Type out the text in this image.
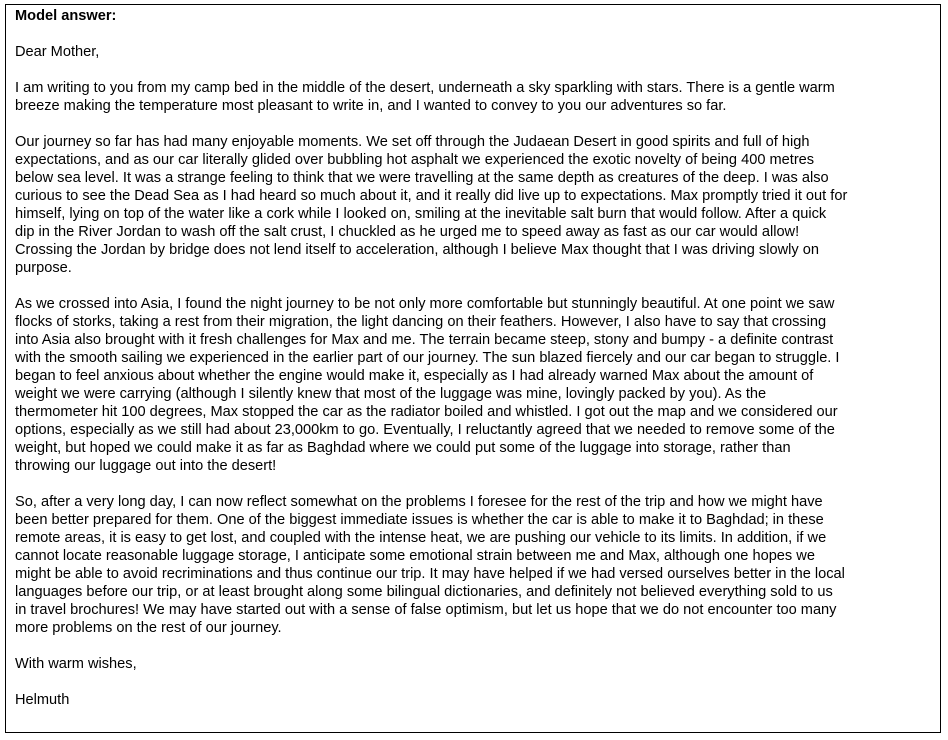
Model answer:

Dear Mother,

I am writing to you from my camp bed in the middle of the desert, underneath a sky sparkling with stars. There is a gentle warm
breeze making the temperature most pleasant to write in, and I wanted to convey to you our adventures so far.

Our journey so far has had many enjoyable moments. We set off through the Judaean Desert in good spirits and full of high
expectations, and as our car literally glided over bubbling hot asphalt we experienced the exotic novelty of being 400 metres
below sea level. It was a strange feeling to think that we were travelling at the same depth as creatures of the deep. I was also
curious to see the Dead Sea as I had heard so much about it, and it really did live up to expectations. Max promptly tried it out for
himself, lying on top of the water like a cork while I looked on, smiling at the inevitable salt burn that would follow. After a quick
dip in the River Jordan to wash off the salt crust, I chuckled as he urged me to speed away as fast as our car would allow!
Crossing the Jordan by bridge does not lend itself to acceleration, although I believe Max thought that I was driving slowly on
purpose.

As we crossed into Asia, I found the night journey to be not only more comfortable but stunningly beautiful. At one point we saw
flocks of storks, taking a rest from their migration, the light dancing on their feathers. However, I also have to say that crossing
into Asia also brought with it fresh challenges for Max and me. The terrain became steep, stony and bumpy - a definite contrast
with the smooth sailing we experienced in the earlier part of our journey. The sun blazed fiercely and our car began to struggle. I
began to feel anxious about whether the engine would make it, especially as I had already warned Max about the amount of
weight we were carrying (although I silently knew that most of the luggage was mine, lovingly packed by you). As the
thermometer hit 100 degrees, Max stopped the car as the radiator boiled and whistled. I got out the map and we considered our
options, especially as we still had about 23,000km to go. Eventually, I reluctantly agreed that we needed to remove some of the
weight, but hoped we could make it as far as Baghdad where we could put some of the luggage into storage, rather than
throwing our luggage out into the desert!

So, after a very long day, I can now reflect somewhat on the problems I foresee for the rest of the trip and how we might have
been better prepared for them. One of the biggest immediate issues is whether the car is able to make it to Baghdad; in these
remote areas, it is easy to get lost, and coupled with the intense heat, we are pushing our vehicle to its limits. In addition, if we
cannot locate reasonable luggage storage, I anticipate some emotional strain between me and Max, although one hopes we
might be able to avoid recriminations and thus continue our trip. It may have helped if we had versed ourselves better in the local
languages before our trip, or at least brought along some bilingual dictionaries, and definitely not believed everything sold to us
in travel brochures! We may have started out with a sense of false optimism, but let us hope that we do not encounter too many
more problems on the rest of our journey.

With warm wishes,

Helmuth
